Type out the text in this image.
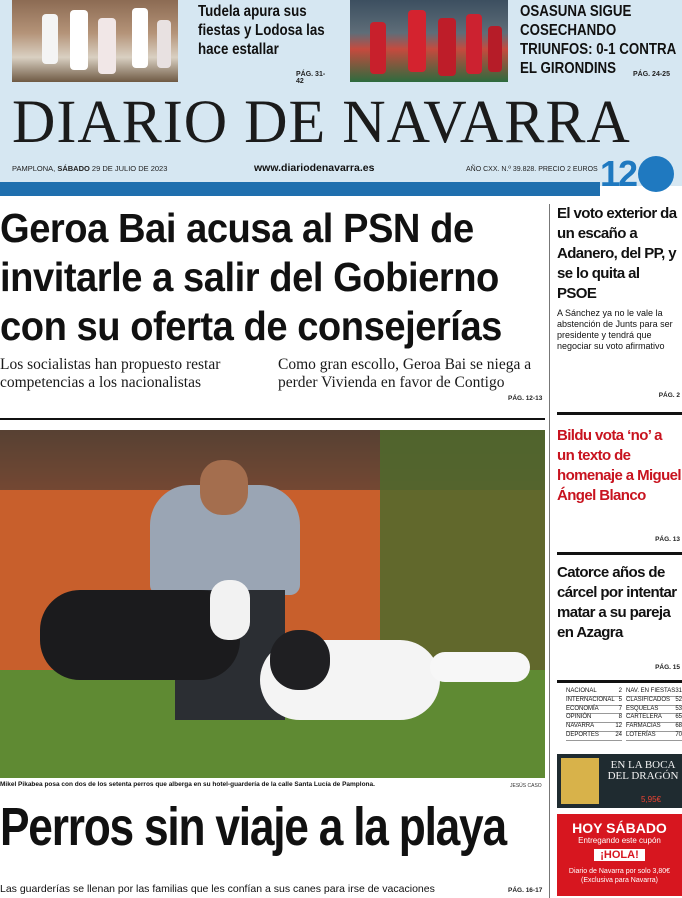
Tudela apura sus fiestas y Lodosa las hace estallar
PÁG. 31-42
OSASUNA SIGUE COSECHANDO TRIUNFOS: 0-1 CONTRA EL GIRONDINS	PÁG. 24-25
DIARIO DE NAVARRA
PAMPLONA, SÁBADO 29 DE JULIO DE 2023	www.diariodenavarra.es	AÑO CXX. N.º 39.828. PRECIO 2 EUROS 1
2
Geroa Bai acusa al PSN de invitarle a salir del Gobierno con su oferta de consejerías
Los socialistas han propuesto restar competencias a los nacionalistas
Como gran escollo, Geroa Bai se niega a perder Vivienda en favor de Contigo
PÁG. 12-13
Mikel Pikabea posa con dos de los setenta perros que alberga en su hotel-guardería de la calle Santa Lucía de Pamplona.	JESÚS CASO
Perros sin viaje a la playa
Las guarderías se llenan por las familias que les confían a sus canes para irse de vacaciones	PÁG. 16-17
El voto exterior da un escaño a Adanero, del PP, y se lo quita al PSOE
A Sánchez ya no le vale la abstención de Junts para ser presidente y tendrá que negociar su voto afirmativo
PÁG. 2
Bildu vota ‘no’ a un texto de homenaje a Miguel Ángel Blanco
PÁG. 13
Catorce años de cárcel por intentar matar a su pareja en Azagra
PÁG. 15
NACIONAL	2
INTERNACIONAL 5
ECONOMÍA	7
OPINIÓN	8
NAVARRA	12
DEPORTES	24
NAV. EN FIESTAS 31
CLASIFICADOS 52
ESQUELAS	53
CARTELERA 65
FARMACIAS 68
LOTERÍAS	70
EN LA BOCA DEL DRAGÓN
5,95€
HOY SÁBADO
Entregando este cupón
¡HOLA!
Diario de Navarra por solo 3,80€
(Exclusiva para Navarra)
